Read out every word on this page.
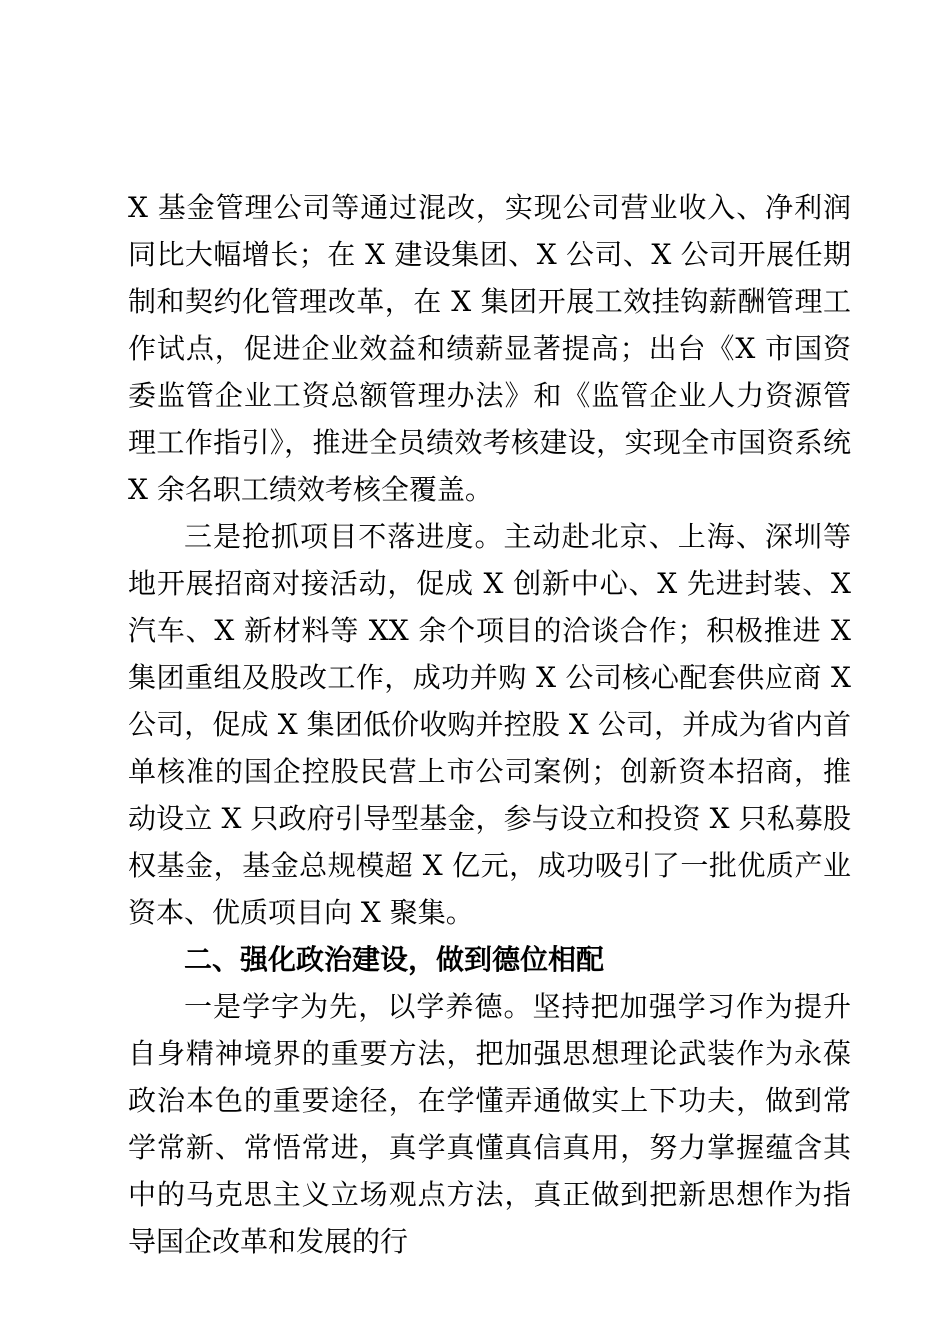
X 基金管理公司等通过混改，实现公司营业收入、净利润同比大幅增长；在 X 建设集团、X 公司、X 公司开展任期制和契约化管理改革，在 X 集团开展工效挂钩薪酬管理工作试点，促进企业效益和绩薪显著提高；出台《X 市国资委监管企业工资总额管理办法》和《监管企业人力资源管理工作指引》，推进全员绩效考核建设，实现全市国资系统 X 余名职工绩效考核全覆盖。

三是抢抓项目不落进度。主动赴北京、上海、深圳等地开展招商对接活动，促成 X 创新中心、X 先进封装、X 汽车、X 新材料等 XX 余个项目的洽谈合作；积极推进 X 集团重组及股改工作，成功并购 X 公司核心配套供应商 X 公司，促成 X 集团低价收购并控股 X 公司，并成为省内首单核准的国企控股民营上市公司案例；创新资本招商，推动设立 X 只政府引导型基金，参与设立和投资 X 只私募股权基金，基金总规模超 X 亿元，成功吸引了一批优质产业资本、优质项目向 X 聚集。

二、强化政治建设，做到德位相配

一是学字为先，以学养德。坚持把加强学习作为提升自身精神境界的重要方法，把加强思想理论武装作为永葆政治本色的重要途径，在学懂弄通做实上下功夫，做到常学常新、常悟常进，真学真懂真信真用，努力掌握蕴含其中的马克思主义立场观点方法，真正做到把新思想作为指导国企改革和发展的行
